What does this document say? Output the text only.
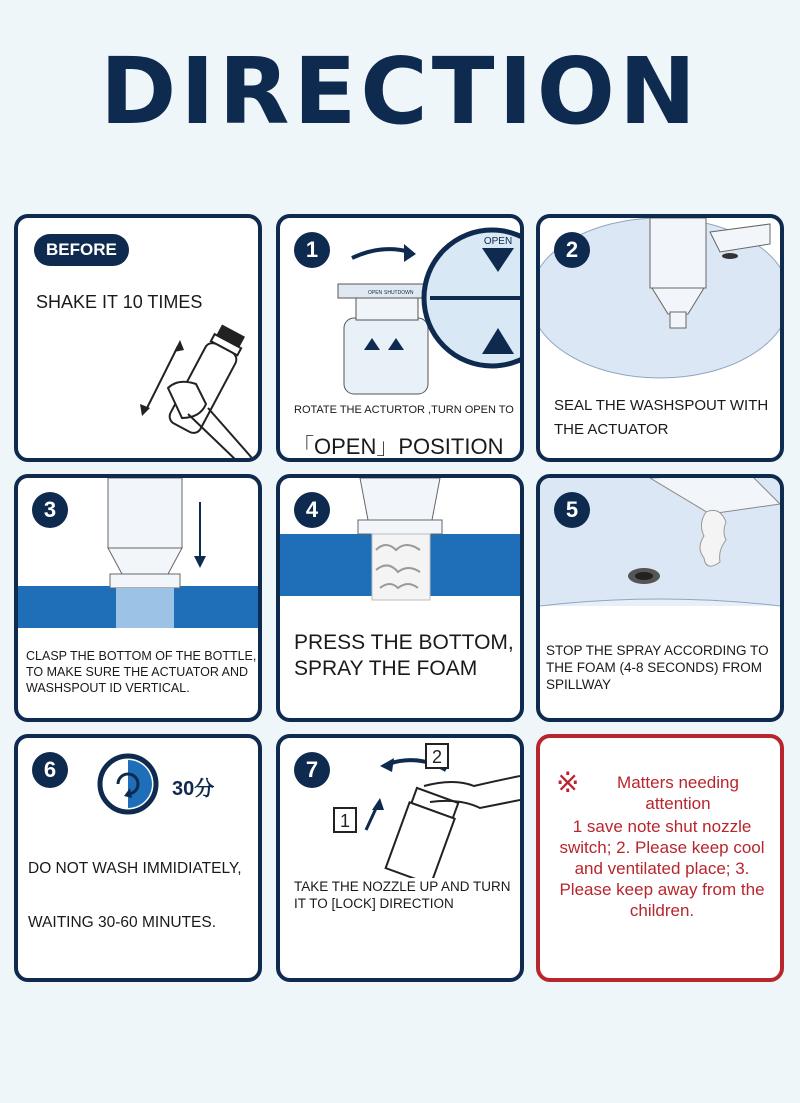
DIRECTION
BEFORE
SHAKE IT 10 TIMES
OPEN
OPEN SHUTDOWN
1
ROTATE THE ACTURTOR ,TURN OPEN TO
「OPEN」POSITION
2
SEAL THE WASHSPOUT WITH THE ACTUATOR
3
CLASP THE BOTTOM OF THE BOTTLE, TO MAKE SURE THE ACTUATOR AND WASHSPOUT ID VERTICAL.
4
PRESS THE BOTTOM, SPRAY THE FOAM
5
STOP THE SPRAY ACCORDING TO THE FOAM (4-8 SECONDS) FROM SPILLWAY
6
30分
DO NOT WASH IMMIDIATELY,
WAITING 30-60 MINUTES.
2
1
7
TAKE THE NOZZLE UP AND TURN IT TO [LOCK] DIRECTION
※	Matters needing attention
1 save note shut nozzle switch; 2. Please keep cool and ventilated place; 3. Please keep away from the children.
